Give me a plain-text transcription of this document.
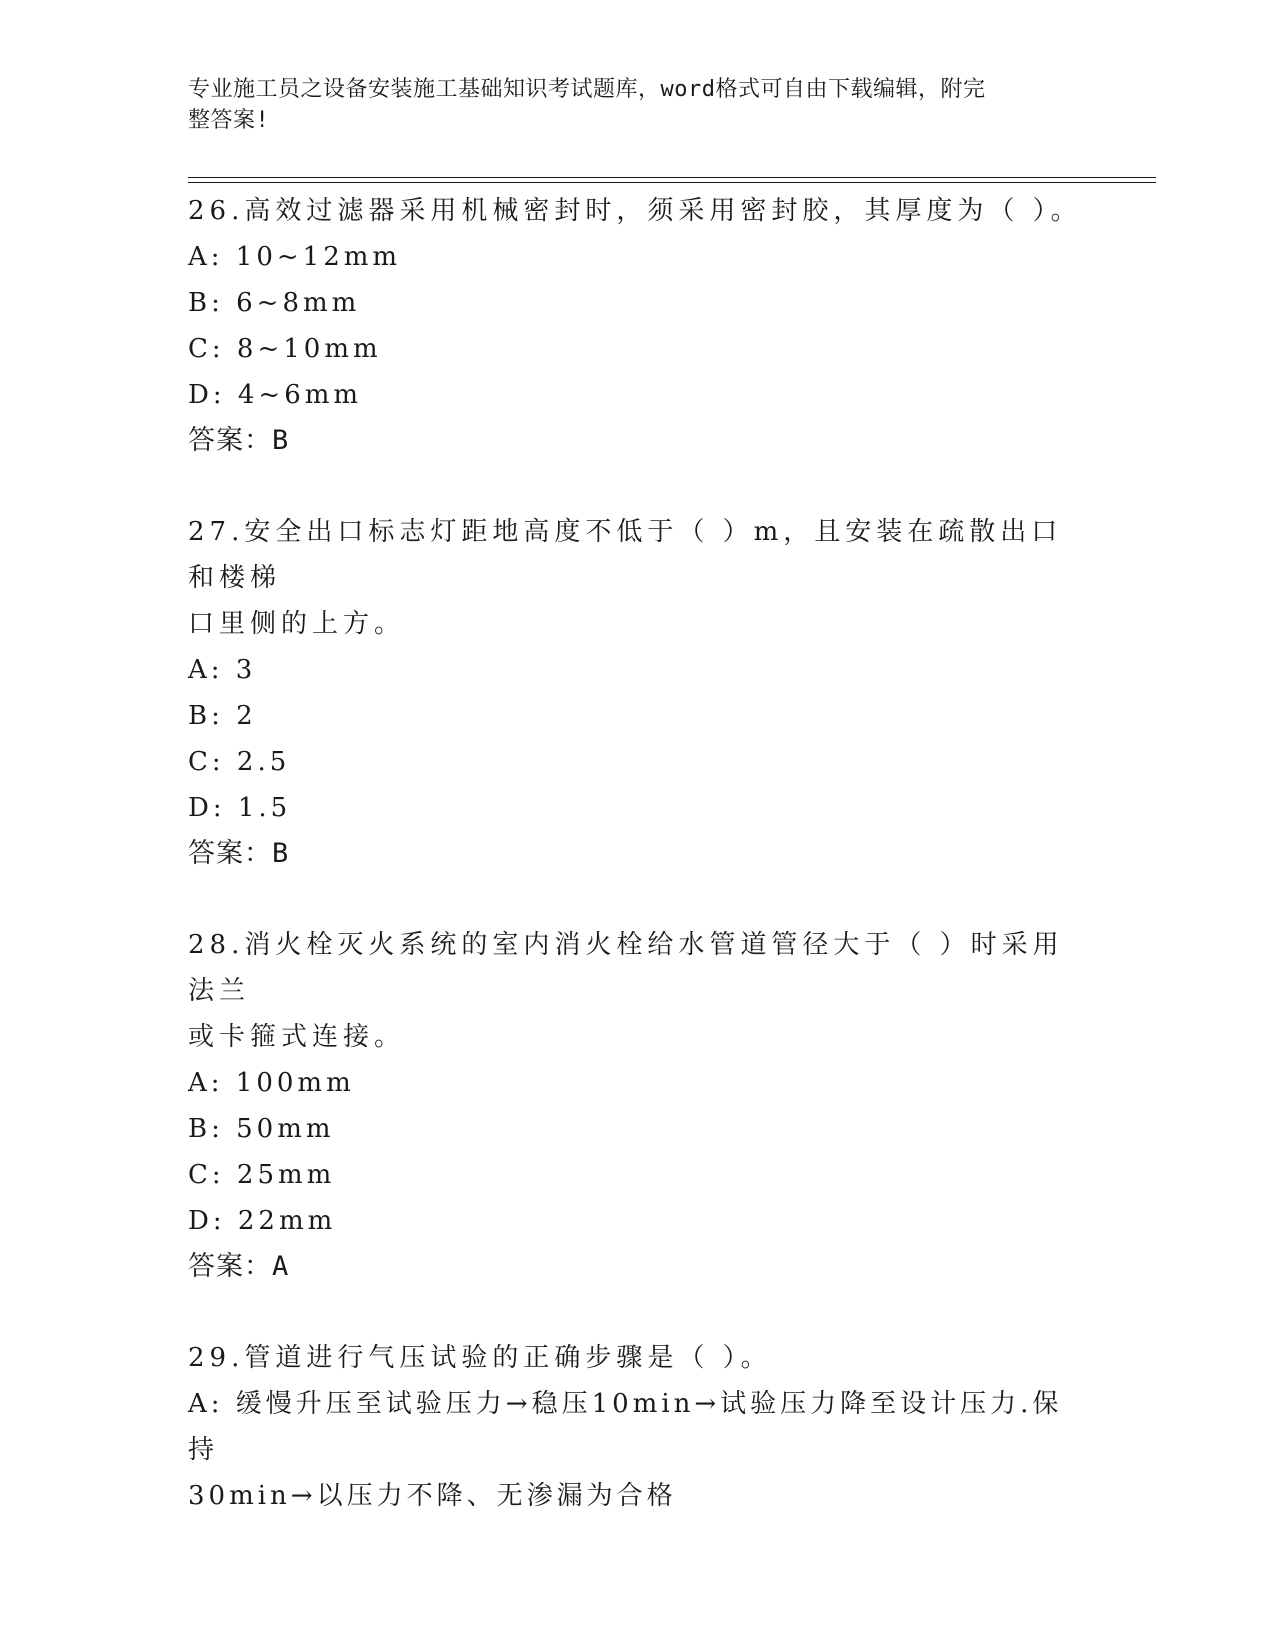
专业施工员之设备安装施工基础知识考试题库，word格式可自由下载编辑，附完
整答案!
26.高效过滤器采用机械密封时，须采用密封胶，其厚度为（ ）。
A: 10~12mm
B: 6~8mm
C: 8~10mm
D: 4~6mm
答案：B
27.安全出口标志灯距地高度不低于（ ）m，且安装在疏散出口和楼梯
口里侧的上方。
A: 3
B: 2
C: 2.5
D: 1.5
答案：B
28.消火栓灭火系统的室内消火栓给水管道管径大于（ ）时采用法兰
或卡箍式连接。
A: 100mm
B: 50mm
C: 25mm
D: 22mm
答案：A
29.管道进行气压试验的正确步骤是（ ）。
A: 缓慢升压至试验压力→稳压10min→试验压力降至设计压力.保持
30min→以压力不降、无渗漏为合格
